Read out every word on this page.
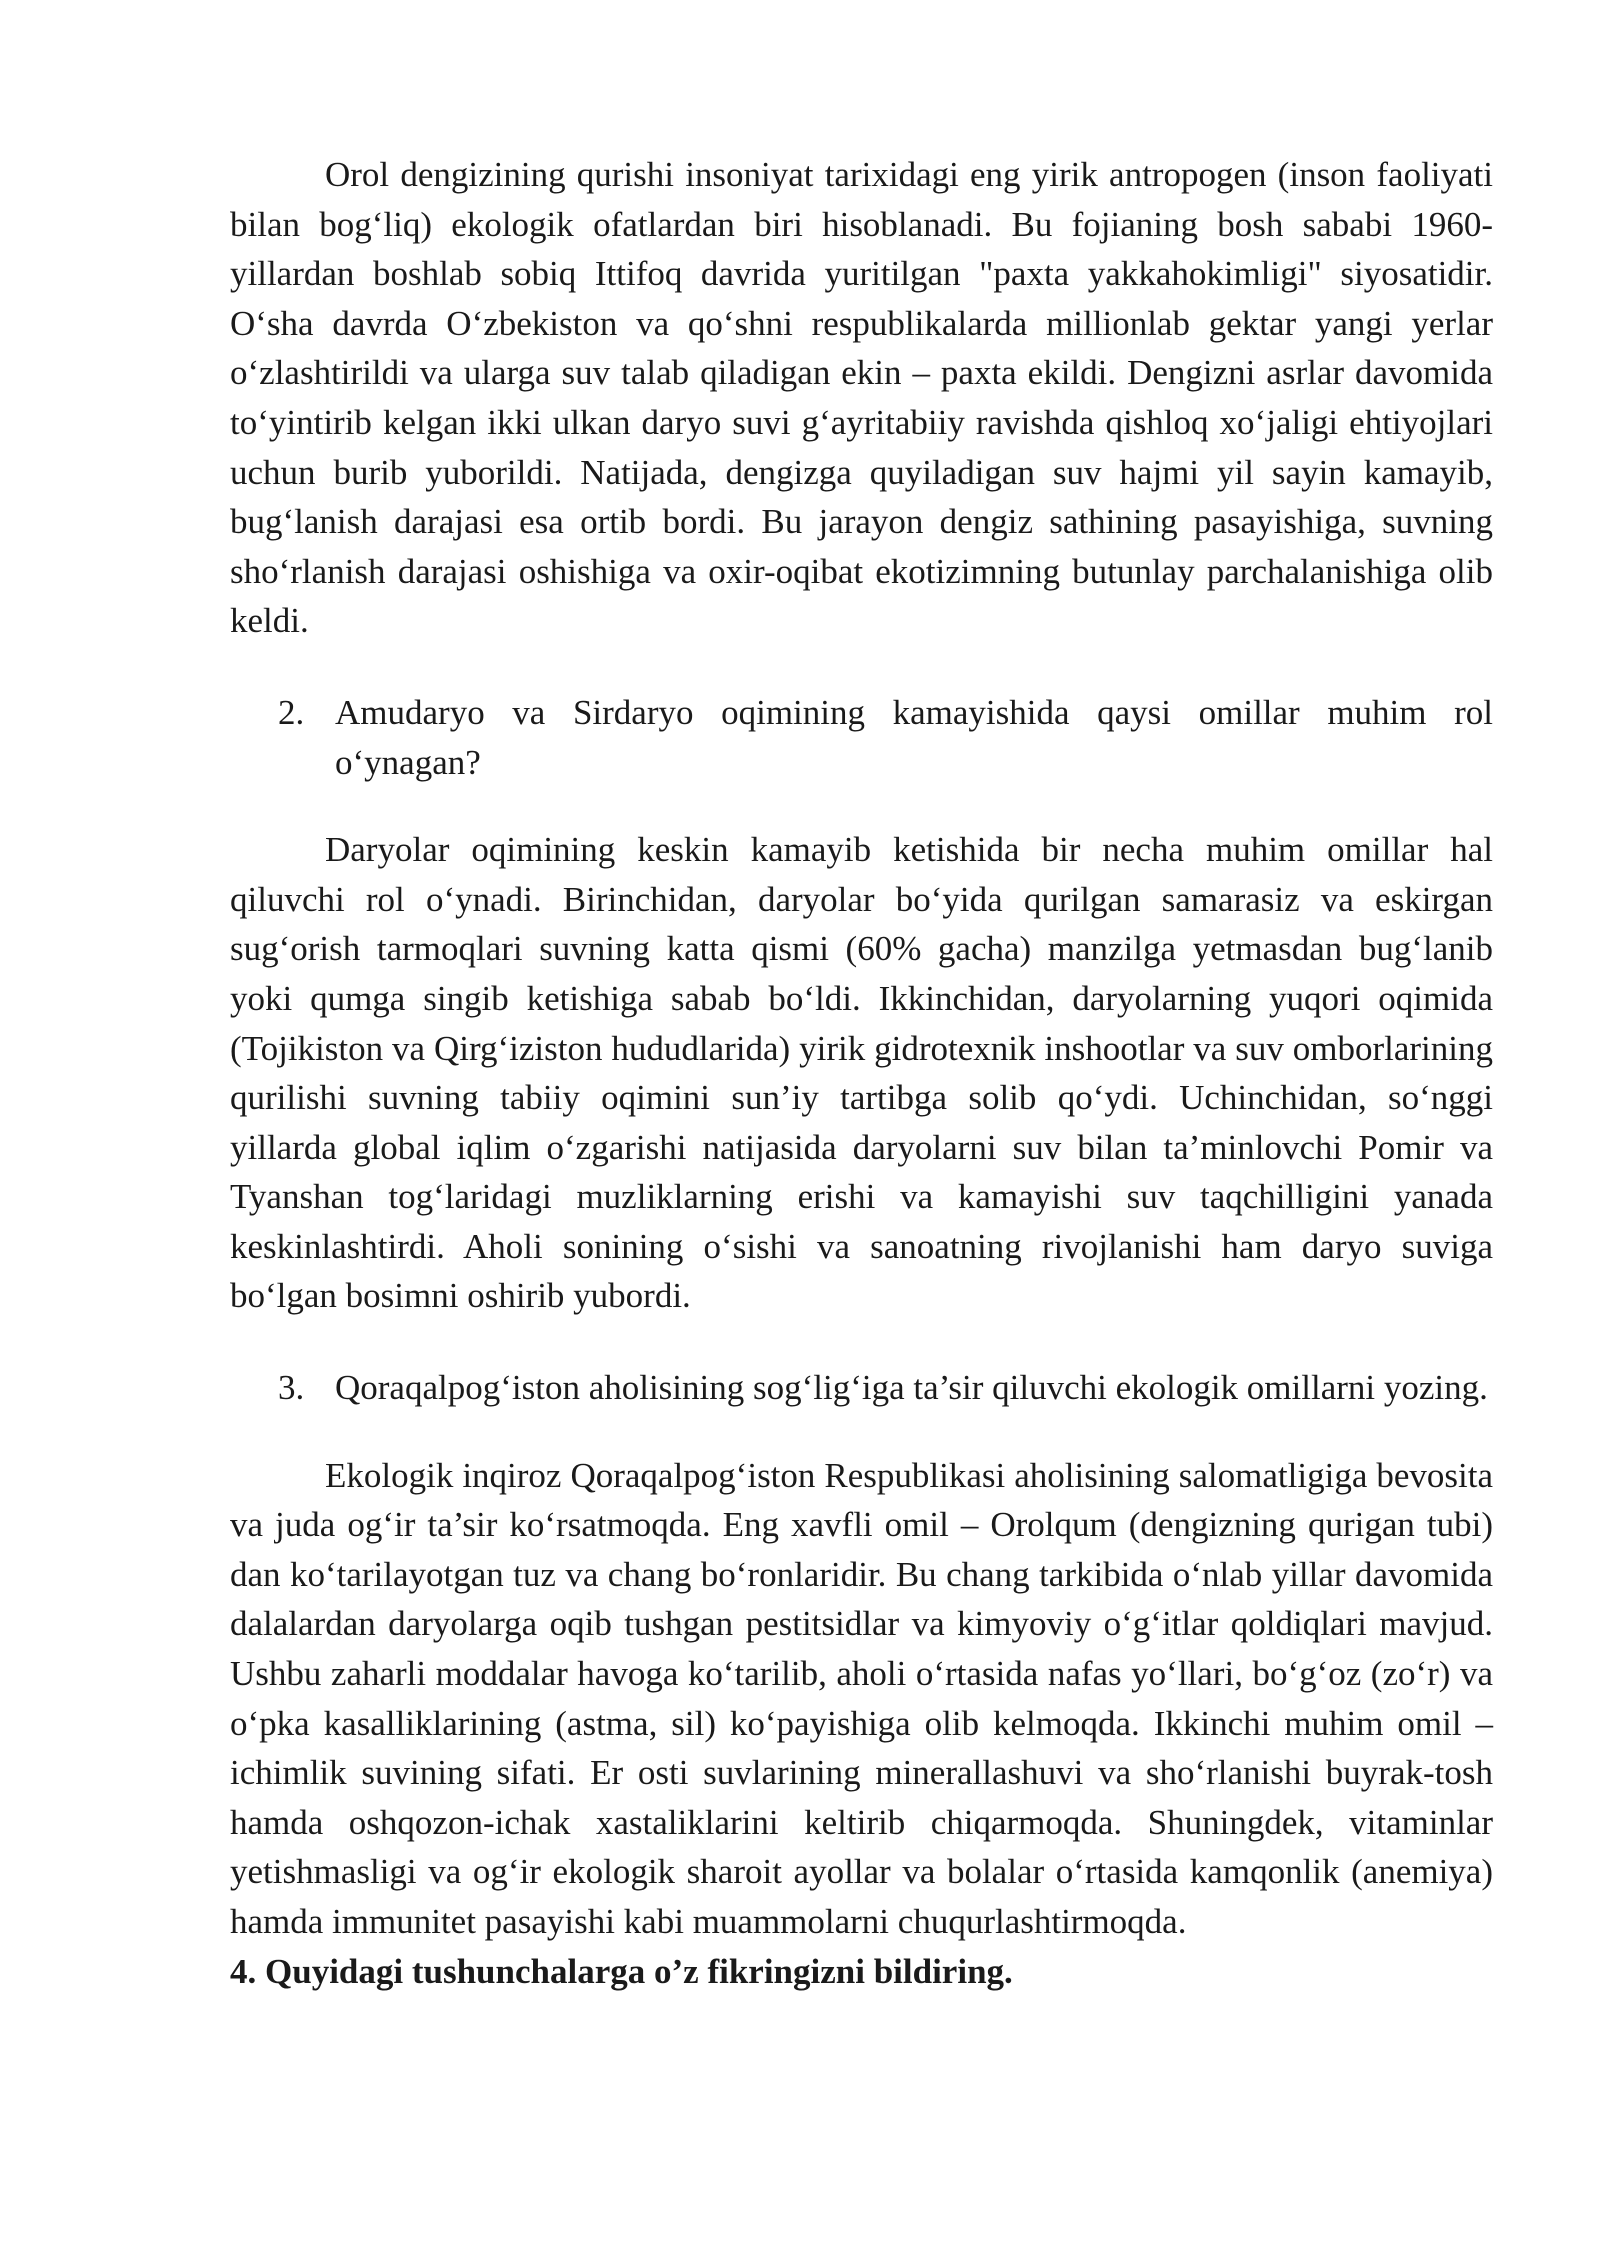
Orol dengizining qurishi insoniyat tarixidagi eng yirik antropogen (inson faoliyati bilan bog‘liq) ekologik ofatlardan biri hisoblanadi. Bu fojianing bosh sababi 1960-yillardan boshlab sobiq Ittifoq davrida yuritilgan "paxta yakkahokimligi" siyosatidir. O‘sha davrda O‘zbekiston va qo‘shni respublikalarda millionlab gektar yangi yerlar o‘zlashtirildi va ularga suv talab qiladigan ekin – paxta ekildi. Dengizni asrlar davomida to‘yintirib kelgan ikki ulkan daryo suvi g‘ayritabiiy ravishda qishloq xo‘jaligi ehtiyojlari uchun burib yuborildi. Natijada, dengizga quyiladigan suv hajmi yil sayin kamayib, bug‘lanish darajasi esa ortib bordi. Bu jarayon dengiz sathining pasayishiga, suvning sho‘rlanish darajasi oshishiga va oxir-oqibat ekotizimning butunlay parchalanishiga olib keldi.

2. Amudaryo va Sirdaryo oqimining kamayishida qaysi omillar muhim rol o‘ynagan?

Daryolar oqimining keskin kamayib ketishida bir necha muhim omillar hal qiluvchi rol o‘ynadi. Birinchidan, daryolar bo‘yida qurilgan samarasiz va eskirgan sug‘orish tarmoqlari suvning katta qismi (60% gacha) manzilga yetmasdan bug‘lanib yoki qumga singib ketishiga sabab bo‘ldi. Ikkinchidan, daryolarning yuqori oqimida (Tojikiston va Qirg‘iziston hududlarida) yirik gidrotexnik inshootlar va suv omborlarining qurilishi suvning tabiiy oqimini sun’iy tartibga solib qo‘ydi. Uchinchidan, so‘nggi yillarda global iqlim o‘zgarishi natijasida daryolarni suv bilan ta’minlovchi Pomir va Tyanshan tog‘laridagi muzliklarning erishi va kamayishi suv taqchilligini yanada keskinlashtirdi. Aholi sonining o‘sishi va sanoatning rivojlanishi ham daryo suviga bo‘lgan bosimni oshirib yubordi.

3. Qoraqalpog‘iston aholisining sog‘lig‘iga ta’sir qiluvchi ekologik omillarni yozing.

Ekologik inqiroz Qoraqalpog‘iston Respublikasi aholisining salomatligiga bevosita va juda og‘ir ta’sir ko‘rsatmoqda. Eng xavfli omil – Orolqum (dengizning qurigan tubi) dan ko‘tarilayotgan tuz va chang bo‘ronlaridir. Bu chang tarkibida o‘nlab yillar davomida dalalardan daryolarga oqib tushgan pestitsidlar va kimyoviy o‘g‘itlar qoldiqlari mavjud. Ushbu zaharli moddalar havoga ko‘tarilib, aholi o‘rtasida nafas yo‘llari, bo‘g‘oz (zo‘r) va o‘pka kasalliklarining (astma, sil) ko‘payishiga olib kelmoqda. Ikkinchi muhim omil – ichimlik suvining sifati. Er osti suvlarining minerallashuvi va sho‘rlanishi buyrak-tosh hamda oshqozon-ichak xastaliklarini keltirib chiqarmoqda. Shuningdek, vitaminlar yetishmasligi va og‘ir ekologik sharoit ayollar va bolalar o‘rtasida kamqonlik (anemiya) hamda immunitet pasayishi kabi muammolarni chuqurlashtirmoqda.

4. Quyidagi tushunchalarga o’z fikringizni bildiring.
